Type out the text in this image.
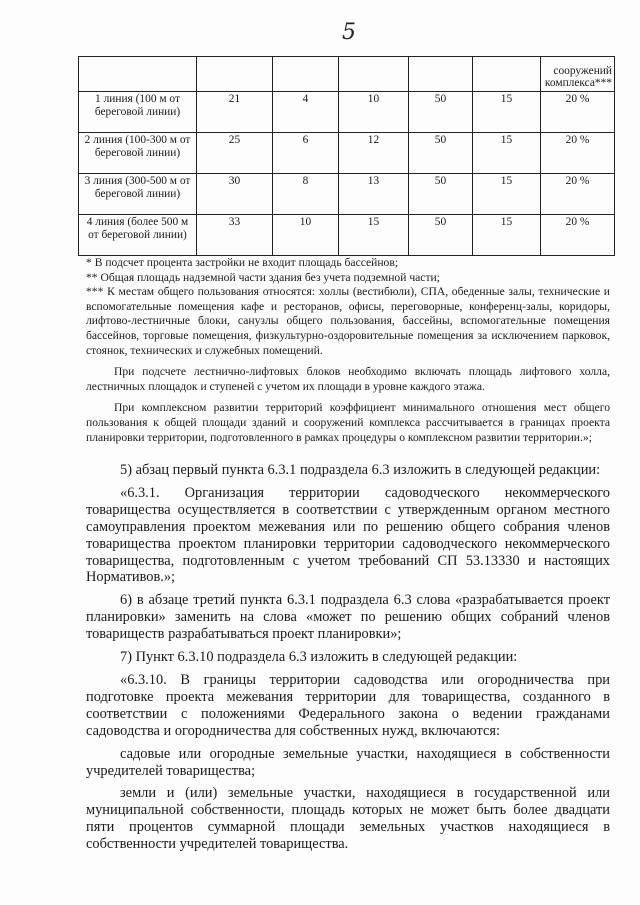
5
						сооружений комплекса***
1 линия (100 м от береговой линии)	21	4	10	50	15	20 %
2 линия (100-300 м от береговой линии)	25	6	12	50	15	20 %
3 линия (300-500 м от береговой линии)	30	8	13	50	15	20 %
4 линия (более 500 м от береговой линии)	33	10	15	50	15	20 %

* В подсчет процента застройки не входит площадь бассейнов;

** Общая площадь надземной части здания без учета подземной части;

*** К местам общего пользования относятся: холлы (вестибюли), СПА, обеденные залы, технические и вспомогательные помещения кафе и ресторанов, офисы, переговорные, конференц-залы, коридоры, лифтово-лестничные блоки, санузлы общего пользования, бассейны, вспомогательные помещения бассейнов, торговые помещения, физкультурно-оздоровительные помещения за исключением парковок, стоянок, технических и служебных помещений.

При подсчете лестнично-лифтовых блоков необходимо включать площадь лифтового холла, лестничных площадок и ступеней с учетом их площади в уровне каждого этажа.

При комплексном развитии территорий коэффициент минимального отношения мест общего пользования к общей площади зданий и сооружений комплекса рассчитывается в границах проекта планировки территории, подготовленного в рамках процедуры о комплексном развитии территории.»;

5) абзац первый пункта 6.3.1 подраздела 6.3 изложить в следующей редакции:

«6.3.1. Организация территории садоводческого некоммерческого товарищества осуществляется в соответствии с утвержденным органом местного самоуправления проектом межевания или по решению общего собрания членов товарищества проектом планировки территории садоводческого некоммерческого товарищества, подготовленным с учетом требований СП 53.13330 и настоящих Нормативов.»;

6) в абзаце третий пункта 6.3.1 подраздела 6.3 слова «разрабатывается проект планировки» заменить на слова «может по решению общих собраний членов товариществ разрабатываться проект планировки»;

7) Пункт 6.3.10 подраздела 6.3 изложить в следующей редакции:

«6.3.10. В границы территории садоводства или огородничества при подготовке проекта межевания территории для товарищества, созданного в соответствии с положениями Федерального закона о ведении гражданами садоводства и огородничества для собственных нужд, включаются:

садовые или огородные земельные участки, находящиеся в собственности учредителей товарищества;

земли и (или) земельные участки, находящиеся в государственной или муниципальной собственности, площадь которых не может быть более двадцати пяти процентов суммарной площади земельных участков находящиеся в собственности учредителей товарищества.
